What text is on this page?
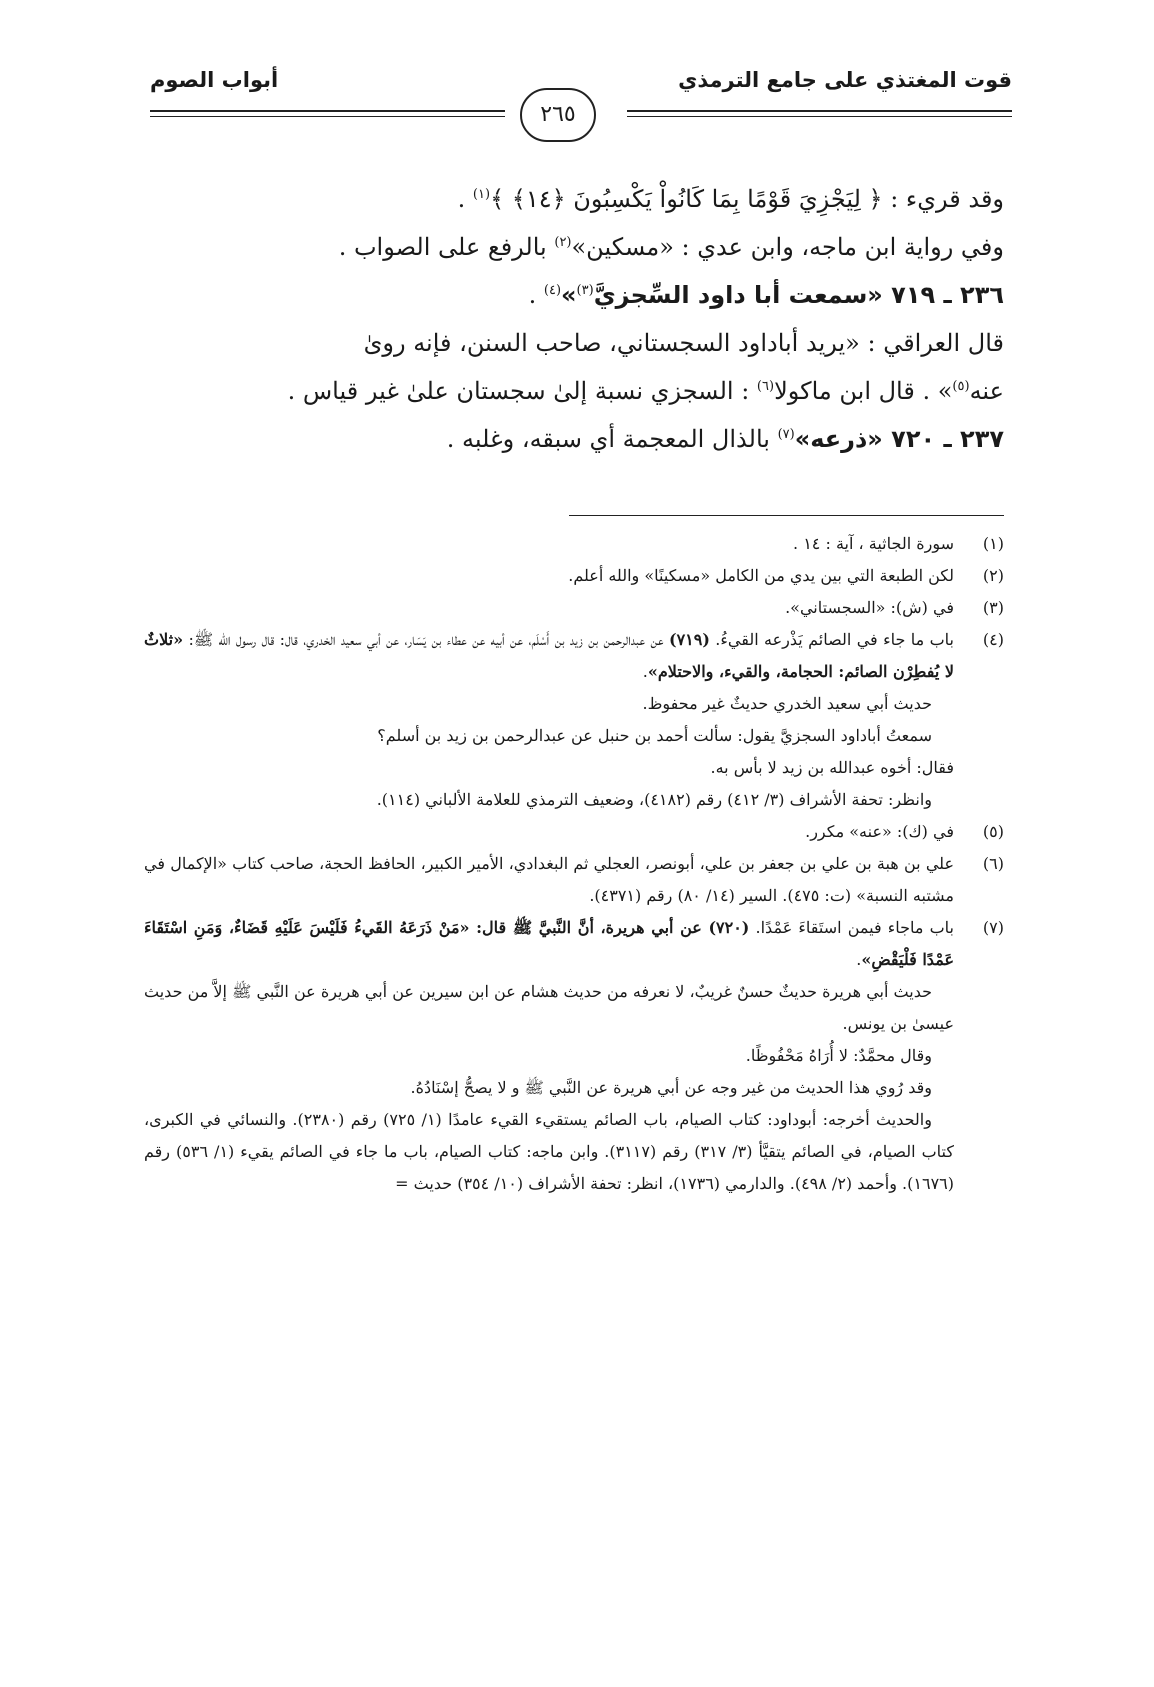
قوت المغتذي على جامع الترمذي
٢٦٥
أبواب الصوم

وقد قريء : ﴿ لِيَجْزِيَ قَوْمًا بِمَا كَانُواْ يَكْسِبُونَ ﴿١٤﴾ ﴾$^{(١)}$ .

وفي رواية ابن ماجه، وابن عدي : «مسكين»$^{(٢)}$ بالرفع على الصواب .

٢٣٦ ـ ٧١٩ «سمعت أبا داود السِّجزيَّ$^{(٣)}$»$^{(٤)}$ .

قال العراقي : «يريد أباداود السجستاني، صاحب السنن، فإنه روىٰ

عنه$^{(٥)}$» . قال ابن ماكولا$^{(٦)}$ : السجزي نسبة إلىٰ سجستان علىٰ غير قياس .

٢٣٧ ـ ٧٢٠ «ذرعه»$^{(٧)}$ بالذال المعجمة أي سبقه، وغلبه .

(١)

سورة الجاثية ، آية : ١٤ .

(٢)

لكن الطبعة التي بين يدي من الكامل «مسكينًا» والله أعلم.

(٣)

في (ش): «السجستاني».

(٤)

باب ما جاء في الصائم يَذْرعه القيءُ. (٧١٩) عن عبدالرحمن بن زيد بن أَسْلَم، عن أبيه عن عطاء بن يَسَار، عن أبي سعيد الخدري، قال: قال رسول الله ﷺ: «ثلاثٌ لا يُفطِرْن الصائم: الحجامة، والقيء، والاحتلام».

حديث أبي سعيد الخدري حديثٌ غير محفوظ.

سمعتُ أباداود السجزيَّ يقول: سألت أحمد بن حنبل عن عبدالرحمن بن زيد بن أسلم؟

فقال: أخوه عبدالله بن زيد لا بأس به.

وانظر: تحفة الأشراف (٣/ ٤١٢) رقم (٤١٨٢)، وضعيف الترمذي للعلامة الألباني (١١٤).

(٥)

في (ك): «عنه» مكرر.

(٦)

علي بن هبة بن علي بن جعفر بن علي، أبونصر، العجلي ثم البغدادي، الأمير الكبير، الحافظ الحجة، صاحب كتاب «الإكمال في مشتبه النسبة» (ت: ٤٧٥). السير (١٤/ ٨٠) رقم (٤٣٧١).

(٧)

باب ماجاء فيمن استَقاءَ عَمْدًا. (٧٢٠) عن أبي هريرة، أنَّ النَّبيَّ ﷺ قال: «مَنْ ذَرَعَهُ القَيءُ فَلَيْسَ عَلَيْهِ قَضَاءٌ، وَمَنِ اسْتَقَاءَ عَمْدًا فَلْيَقْضِ».

حديث أبي هريرة حديثٌ حسنٌ غريبٌ، لا نعرفه من حديث هشام عن ابن سيرين عن أبي هريرة عن النَّبي ﷺ إلاَّ من حديث عيسىٰ بن يونس.

وقال محمَّدٌ: لا أُرَاهُ مَحْفُوظًا.

وقد رُوي هذا الحديث من غير وجه عن أبي هريرة عن النَّبي ﷺ و لا يصحُّ إسْنَادُهُ.

والحديث أخرجه: أبوداود: كتاب الصيام، باب الصائم يستقيء القيء عامدًا (١/ ٧٢٥) رقم (٢٣٨٠). والنسائي في الكبرى، كتاب الصيام، في الصائم يتقيَّأ (٣/ ٣١٧) رقم (٣١١٧). وابن ماجه: كتاب الصيام، باب ما جاء في الصائم يقيء (١/ ٥٣٦) رقم (١٦٧٦). وأحمد (٢/ ٤٩٨). والدارمي (١٧٣٦)، انظر: تحفة الأشراف (١٠/ ٣٥٤) حديث =
